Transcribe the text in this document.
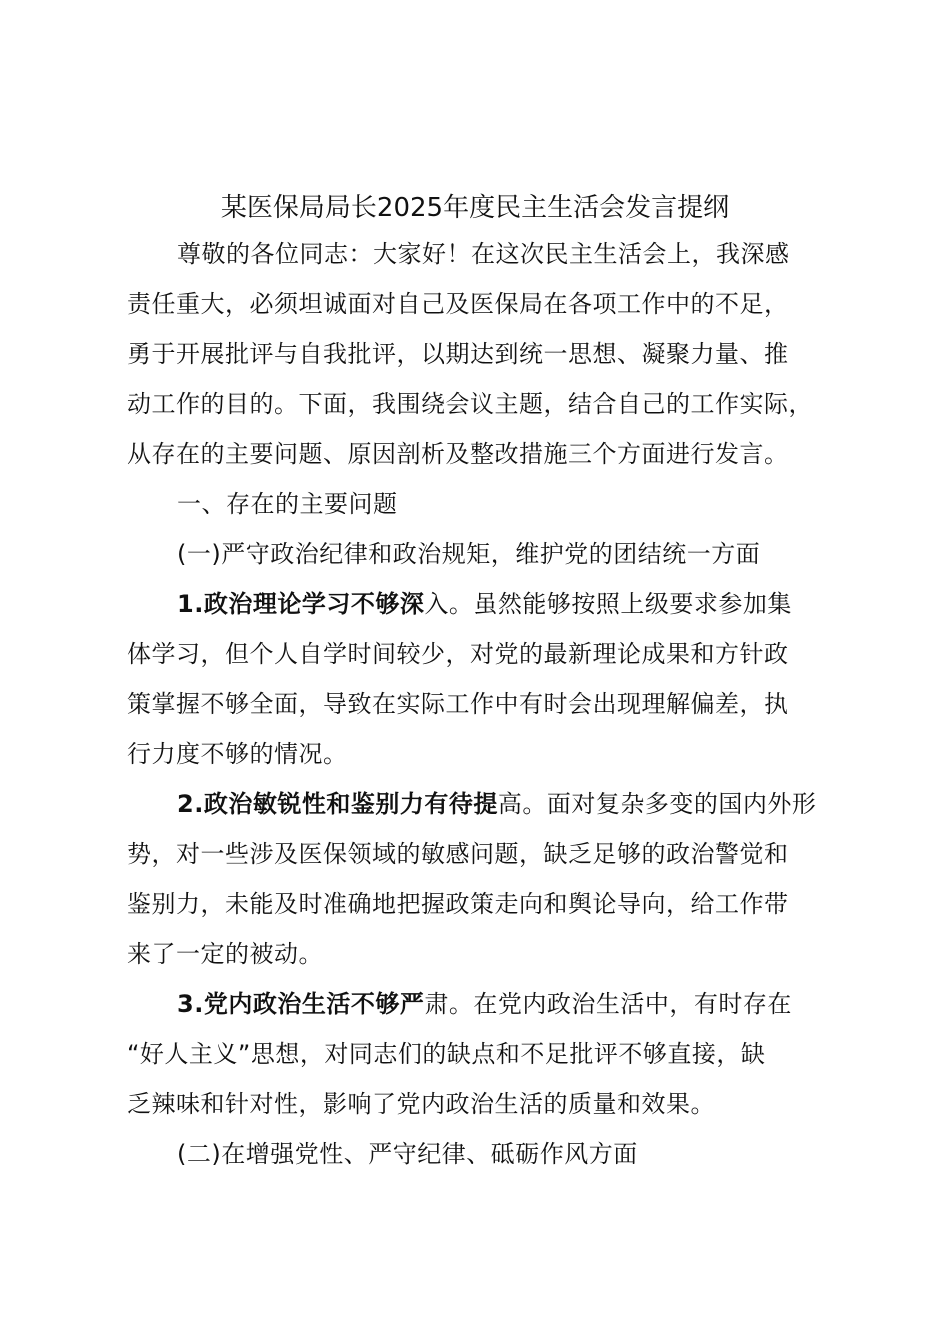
某医保局局长2025年度民主生活会发言提纲

尊敬的各位同志：大家好！在这次民主生活会上，我深感
责任重大，必须坦诚面对自己及医保局在各项工作中的不足，
勇于开展批评与自我批评，以期达到统一思想、凝聚力量、推
动工作的目的。下面，我围绕会议主题，结合自己的工作实际，
从存在的主要问题、原因剖析及整改措施三个方面进行发言。

一、存在的主要问题

(一)严守政治纪律和政治规矩，维护党的团结统一方面

1.政治理论学习不够深入。虽然能够按照上级要求参加集
体学习，但个人自学时间较少，对党的最新理论成果和方针政
策掌握不够全面，导致在实际工作中有时会出现理解偏差，执
行力度不够的情况。

2.政治敏锐性和鉴别力有待提高。面对复杂多变的国内外形
势，对一些涉及医保领域的敏感问题，缺乏足够的政治警觉和
鉴别力，未能及时准确地把握政策走向和舆论导向，给工作带
来了一定的被动。

3.党内政治生活不够严肃。在党内政治生活中，有时存在
“好人主义”思想，对同志们的缺点和不足批评不够直接，缺
乏辣味和针对性，影响了党内政治生活的质量和效果。

(二)在增强党性、严守纪律、砥砺作风方面
